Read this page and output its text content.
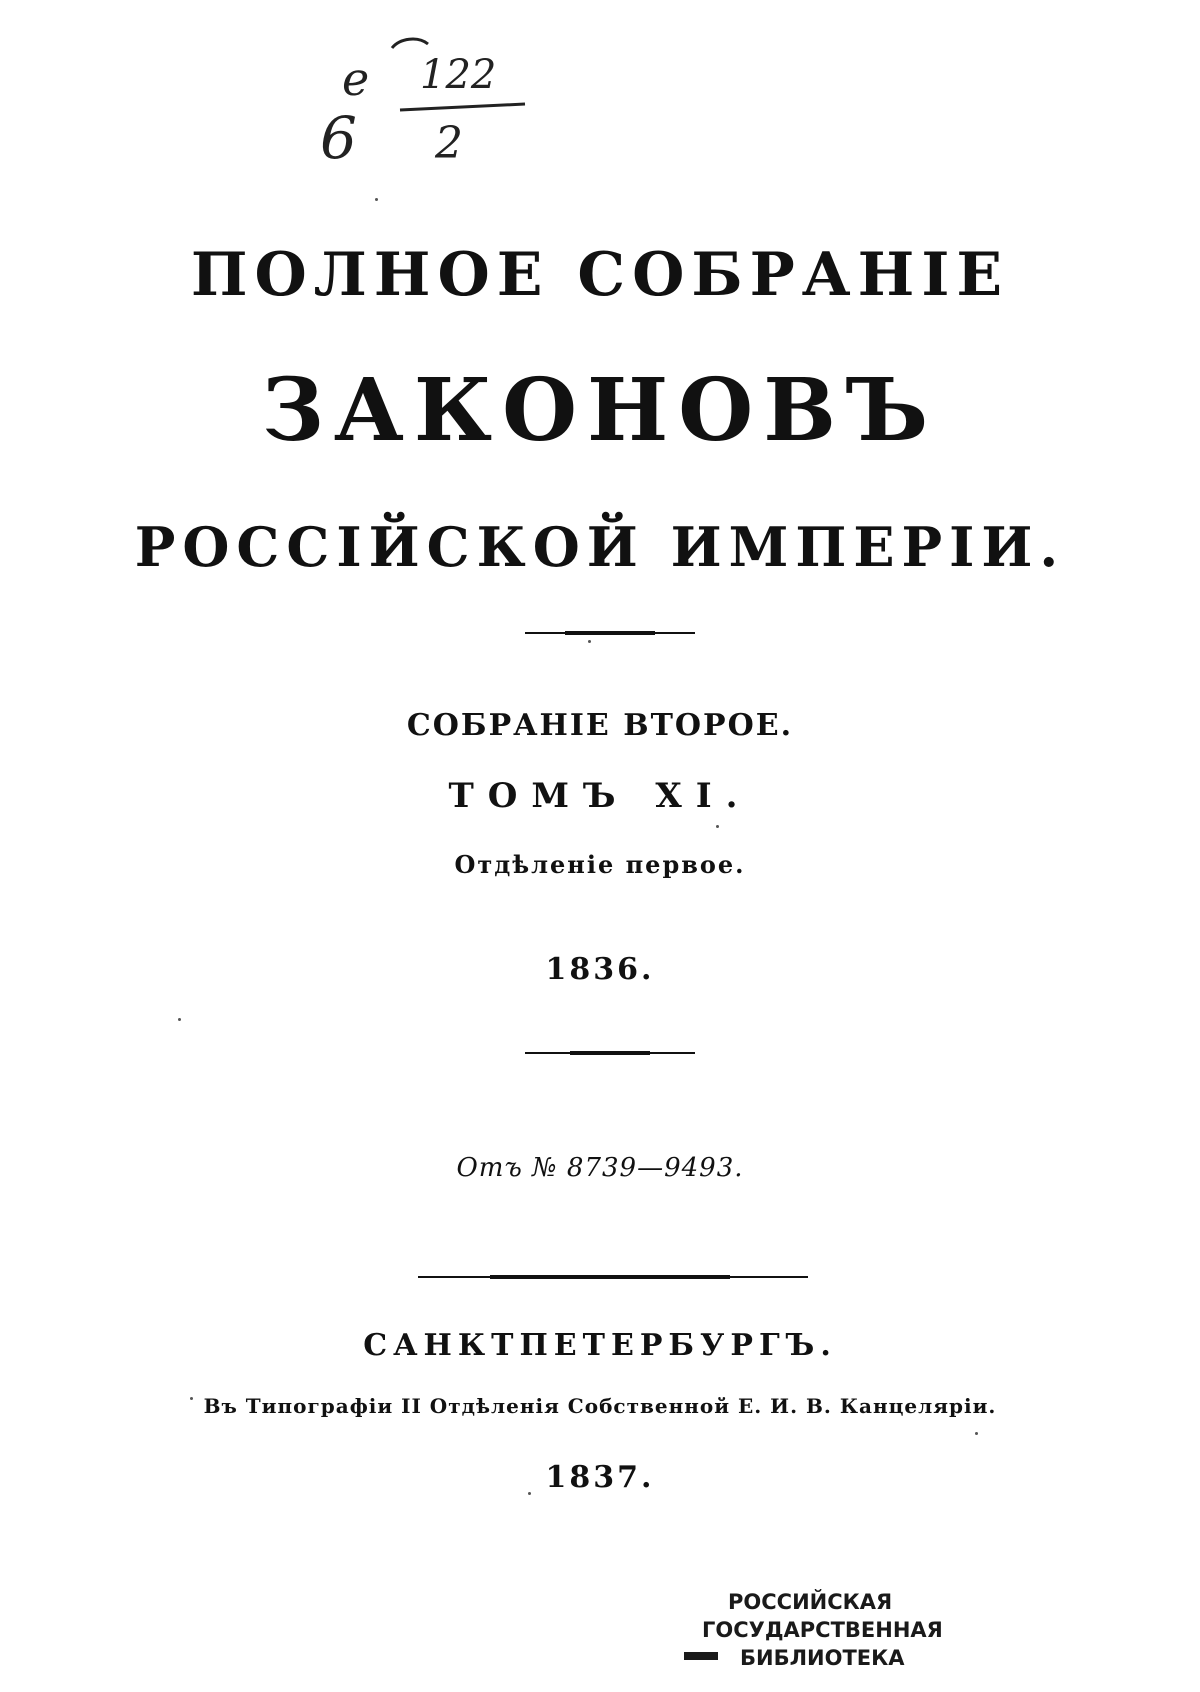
е
6
122
2
ПОЛНОЕ СОБРАНІЕ
ЗАКОНОВЪ
РОССІЙСКОЙ ИМПЕРІИ.
СОБРАНІЕ ВТОРОЕ.
ТОМЪ XI.
Отдѣленіе первое.
1836.
Отъ № 8739—9493.
САНКТПЕТЕРБУРГЪ.
Въ Типографіи II Отдѣленія Собственной Е. И. В. Канцеляріи.
1837.
РОССИЙСКАЯ
ГОСУДАРСТВЕННАЯ
БИБЛИОТЕКА
